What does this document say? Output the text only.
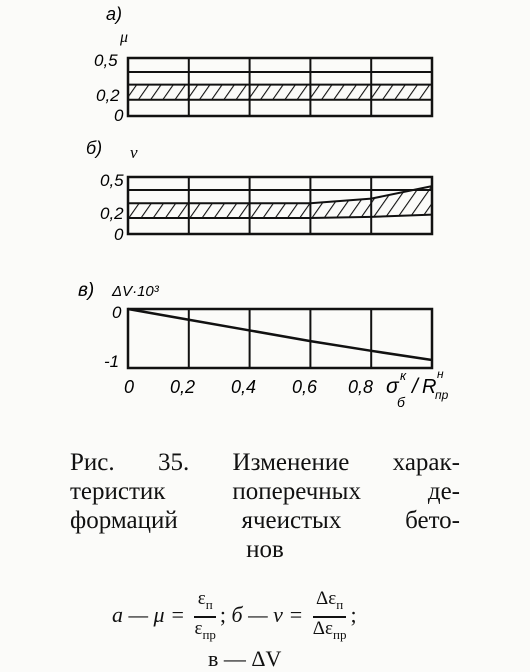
а)
μ
0,5
0,2
0
б) ν
0,5
0,2
0
в) ΔV·10³
0
-1
0 0,2 0,4 0,6 0,8 σ к
б
/ R
н
пр
Рис. 35. Изменение харак-
теристик поперечных де-
формаций ячеистых бето-
нов
а — $\mu = \frac{\varepsilon_п}{\varepsilon_{пр}}$ ; б — $\nu = \frac{\Delta\varepsilon_п}{\Delta\varepsilon_{пр}}$ ;
в — ΔV
